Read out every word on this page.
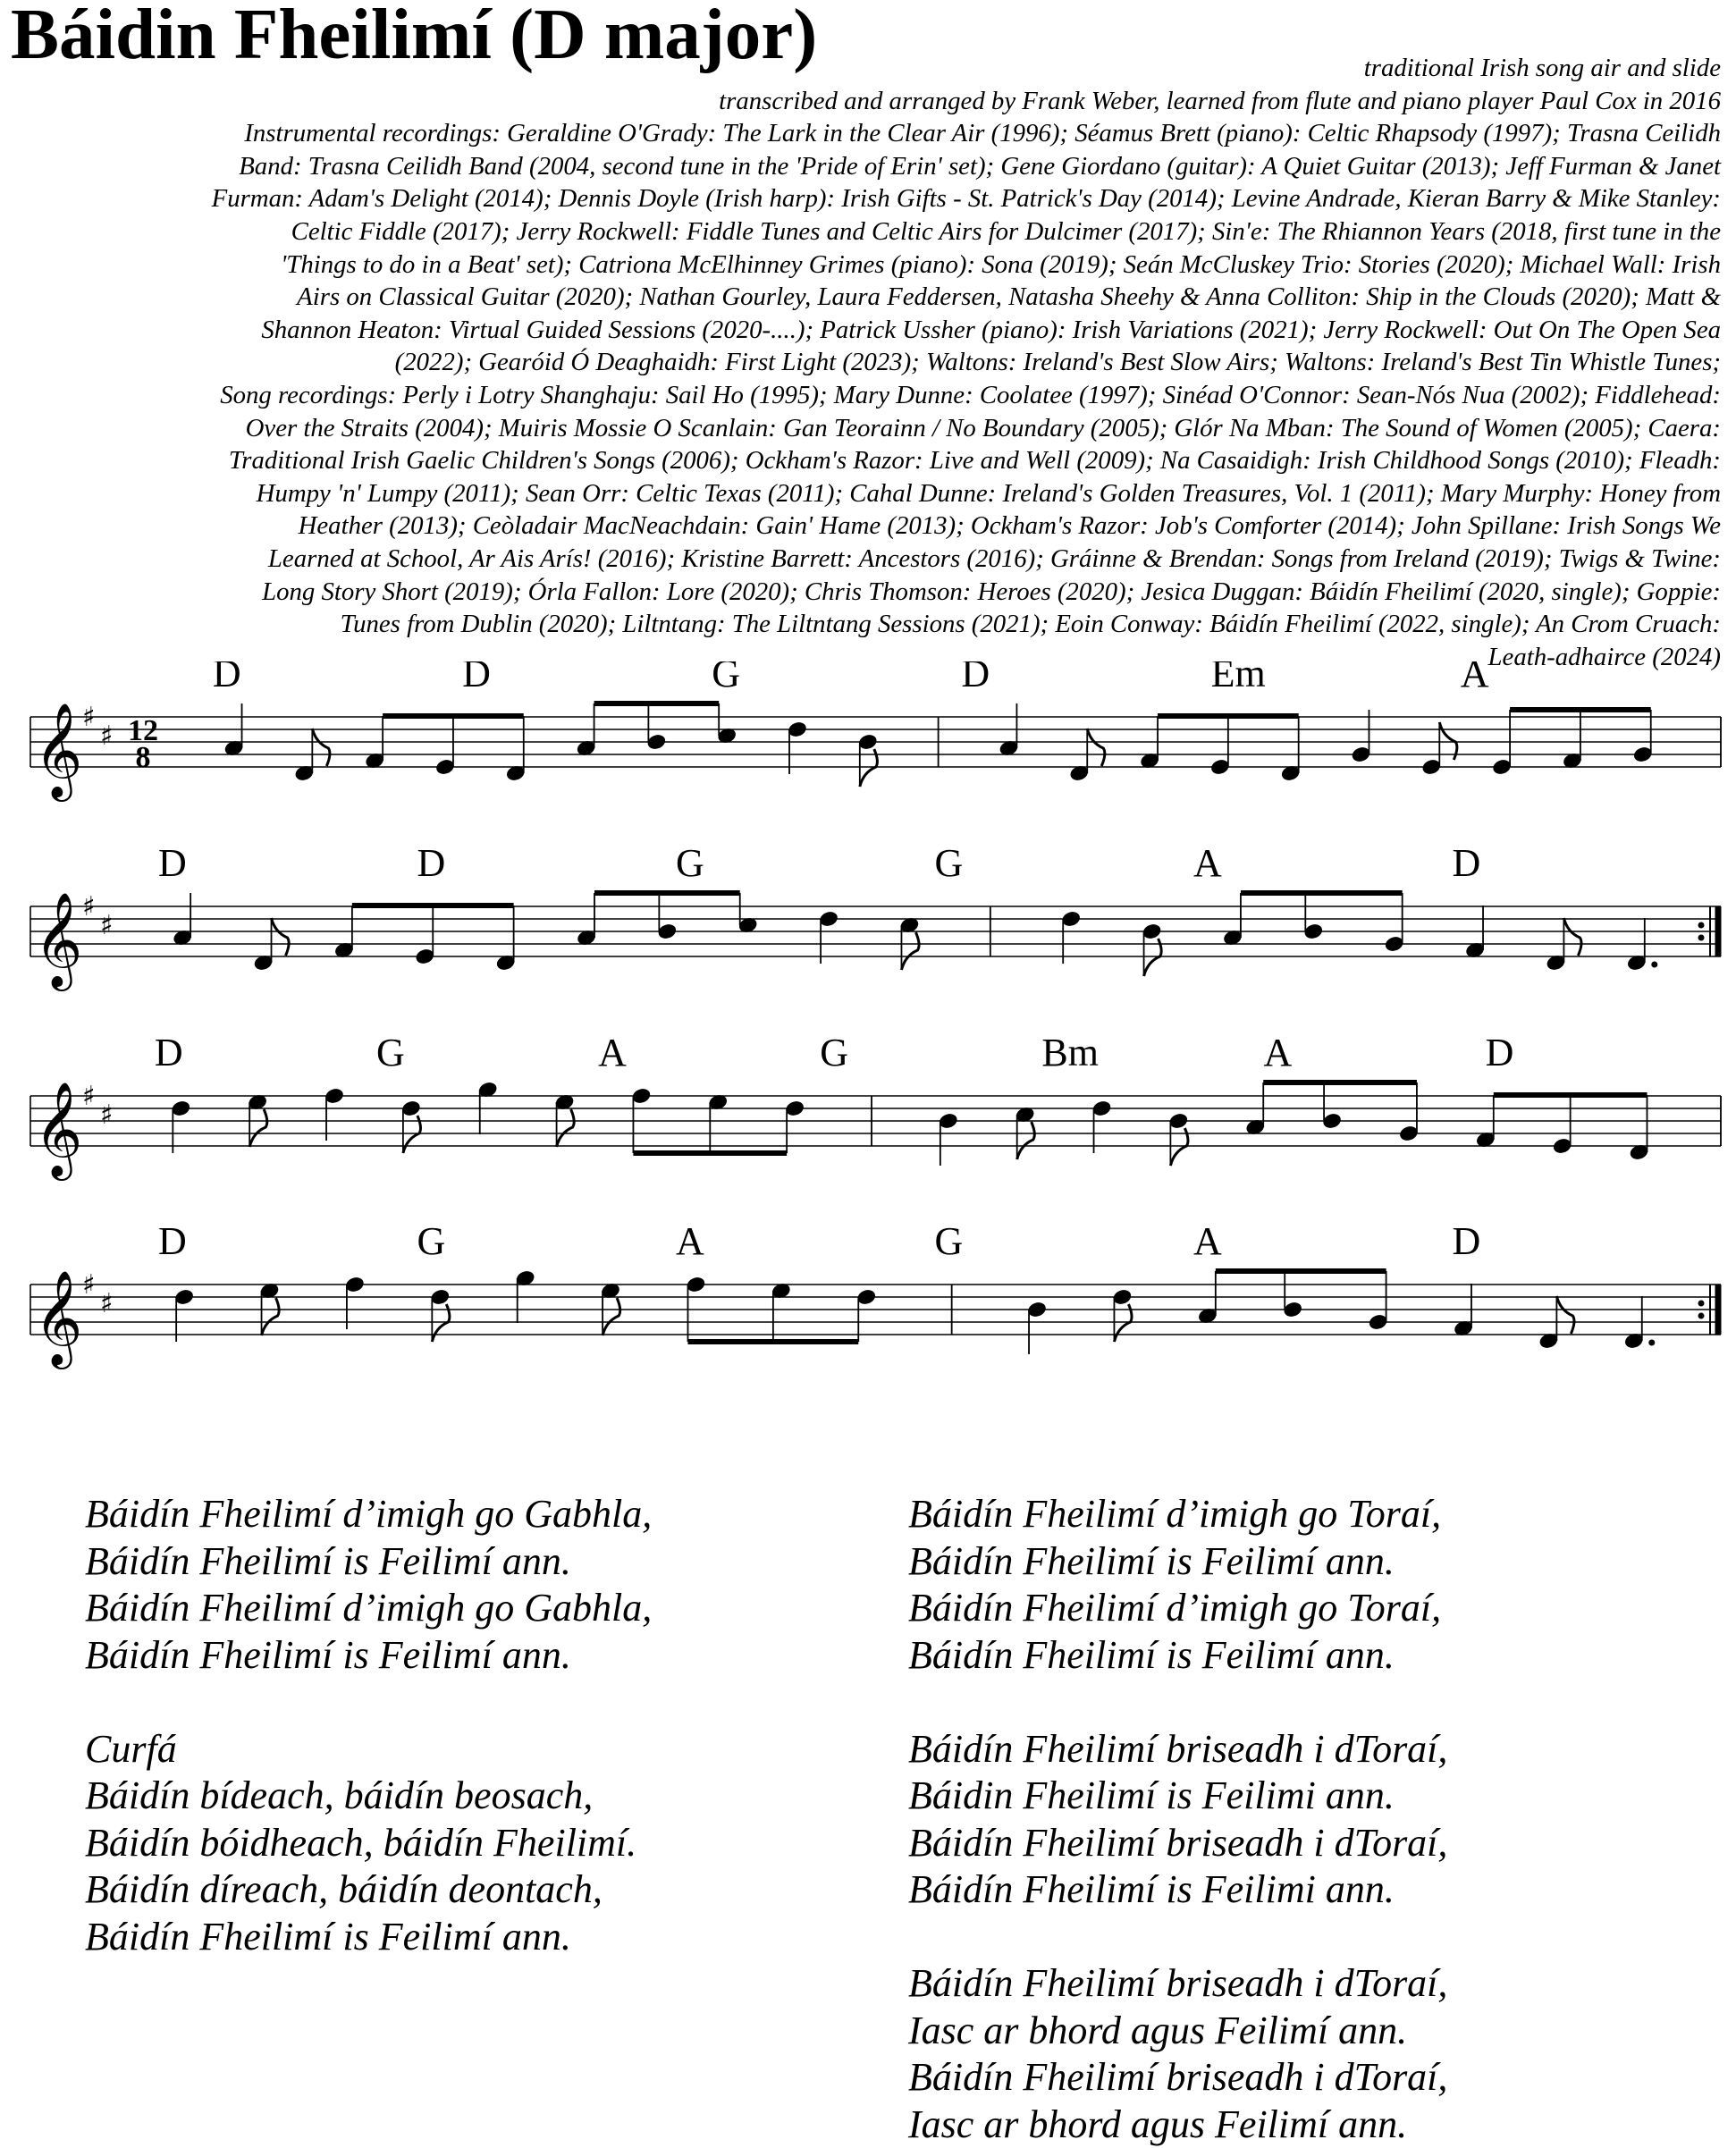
Báidin Fheilimí (D major)	traditional Irish song air and slide
transcribed and arranged by Frank Weber, learned from flute and piano player Paul Cox in 2016
Instrumental recordings: Geraldine O'Grady: The Lark in the Clear Air (1996); Séamus Brett (piano): Celtic Rhapsody (1997); Trasna Ceilidh
Band: Trasna Ceilidh Band (2004, second tune in the 'Pride of Erin' set); Gene Giordano (guitar): A Quiet Guitar (2013); Jeff Furman & Janet
Furman: Adam's Delight (2014); Dennis Doyle (Irish harp): Irish Gifts - St. Patrick's Day (2014); Levine Andrade, Kieran Barry & Mike Stanley:
Celtic Fiddle (2017); Jerry Rockwell: Fiddle Tunes and Celtic Airs for Dulcimer (2017); Sin'e: The Rhiannon Years (2018, first tune in the
'Things to do in a Beat' set); Catriona McElhinney Grimes (piano): Sona (2019); Seán McCluskey Trio: Stories (2020); Michael Wall: Irish
Airs on Classical Guitar (2020); Nathan Gourley, Laura Feddersen, Natasha Sheehy & Anna Colliton: Ship in the Clouds (2020); Matt &
Shannon Heaton: Virtual Guided Sessions (2020-....); Patrick Ussher (piano): Irish Variations (2021); Jerry Rockwell: Out On The Open Sea
(2022); Gearóid Ó Deaghaidh: First Light (2023); Waltons: Ireland's Best Slow Airs; Waltons: Ireland's Best Tin Whistle Tunes;
Song recordings: Perly i Lotry Shanghaju: Sail Ho (1995); Mary Dunne: Coolatee (1997); Sinéad O'Connor: Sean-Nós Nua (2002); Fiddlehead:
Over the Straits (2004); Muiris Mossie O Scanlain: Gan Teorainn / No Boundary (2005); Glór Na Mban: The Sound of Women (2005); Caera:
Traditional Irish Gaelic Children's Songs (2006); Ockham's Razor: Live and Well (2009); Na Casaidigh: Irish Childhood Songs (2010); Fleadh:
Humpy 'n' Lumpy (2011); Sean Orr: Celtic Texas (2011); Cahal Dunne: Ireland's Golden Treasures, Vol. 1 (2011); Mary Murphy: Honey from
Heather (2013); Ceòladair MacNeachdain: Gain' Hame (2013); Ockham's Razor: Job's Comforter (2014); John Spillane: Irish Songs We
Learned at School, Ar Ais Arís! (2016); Kristine Barrett: Ancestors (2016); Gráinne & Brendan: Songs from Ireland (2019); Twigs & Twine:
Long Story Short (2019); Órla Fallon: Lore (2020); Chris Thomson: Heroes (2020); Jesica Duggan: Báidín Fheilimí (2020, single); Goppie:
Tunes from Dublin (2020); Liltntang: The Liltntang Sessions (2021); Eoin Conway: Báidín Fheilimí (2022, single); An Crom Cruach:
Leath-adhairce (2024)
𝄞 ♯
♯ 12
8
D	D	G	D	Em	A
𝄞 ♯
♯
D	D	G	G	A	D
𝄞 ♯
♯
D	G	A	G	Bm	A	D
𝄞 ♯
♯
D	G	A	G	A	D
Báidín Fheilimí d’imigh go Gabhla,
Báidín Fheilimí is Feilimí ann.
Báidín Fheilimí d’imigh go Gabhla,
Báidín Fheilimí is Feilimí ann.
Curfá
Báidín bídeach, báidín beosach,
Báidín bóidheach, báidín Fheilimí.
Báidín díreach, báidín deontach,
Báidín Fheilimí is Feilimí ann.
Báidín Fheilimí d’imigh go Toraí,
Báidín Fheilimí is Feilimí ann.
Báidín Fheilimí d’imigh go Toraí,
Báidín Fheilimí is Feilimí ann.
Báidín Fheilimí briseadh i dToraí,
Báidin Fheilimí is Feilimi ann.
Báidín Fheilimí briseadh i dToraí,
Báidín Fheilimí is Feilimi ann.
Báidín Fheilimí briseadh i dToraí,
Iasc ar bhord agus Feilimí ann.
Báidín Fheilimí briseadh i dToraí,
Iasc ar bhord agus Feilimí ann.
